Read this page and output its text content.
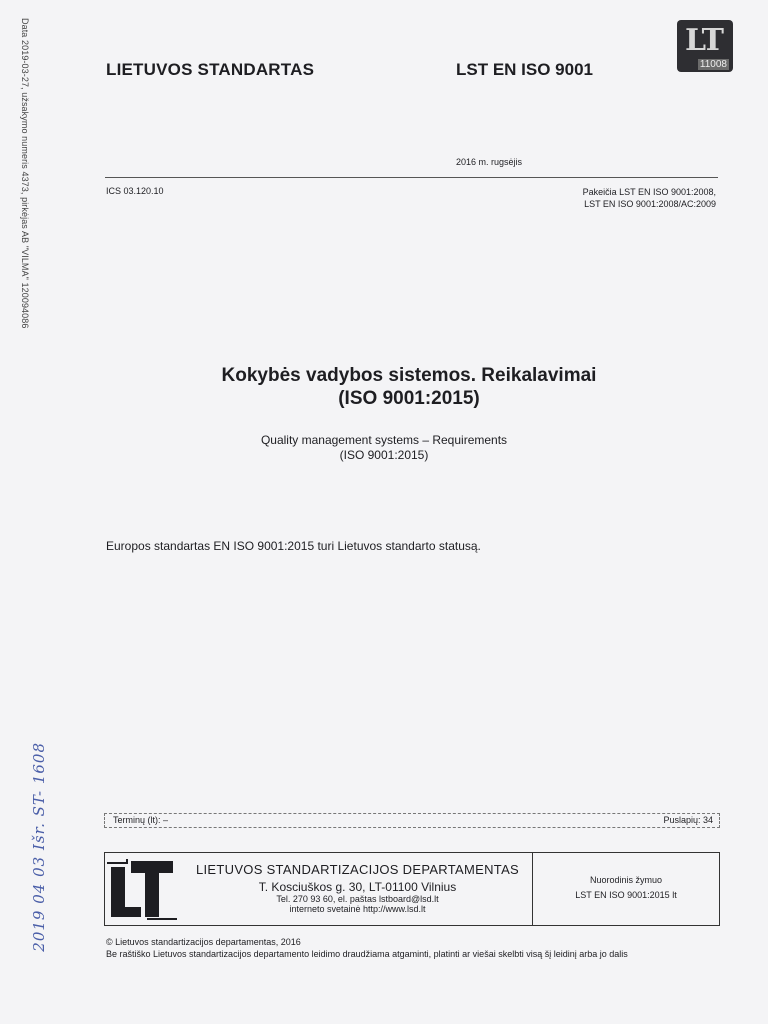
Data 2019-03-27, užsakymo numeris 4373, pirkėjas AB "VILMA" 120094086	LIETUVOS STANDARTAS	LST EN ISO 9001
LT
11008
2016 m. rugsėjis
ICS 03.120.10	Pakeičia LST EN ISO 9001:2008,
LST EN ISO 9001:2008/AC:2009
Kokybės vadybos sistemos. Reikalavimai
(ISO 9001:2015)
Quality management systems – Requirements
(ISO 9001:2015)
Europos standartas EN ISO 9001:2015 turi Lietuvos standarto statusą.
Terminų (lt): –	Puslapių: 34
LIETUVOS STANDARTIZACIJOS DEPARTAMENTAS
T. Kosciuškos g. 30, LT-01100 Vilnius
Tel. 270 93 60, el. paštas lstboard@lsd.lt
interneto svetainė http://www.lsd.lt
Nuorodinis žymuo
LST EN ISO 9001:2015 lt
© Lietuvos standartizacijos departamentas, 2016
Be raštiško Lietuvos standartizacijos departamento leidimo draudžiama atgaminti, platinti ar viešai skelbti visą šį leidinį arba jo dalis
2019 04 03 Išr. ST- 1608
